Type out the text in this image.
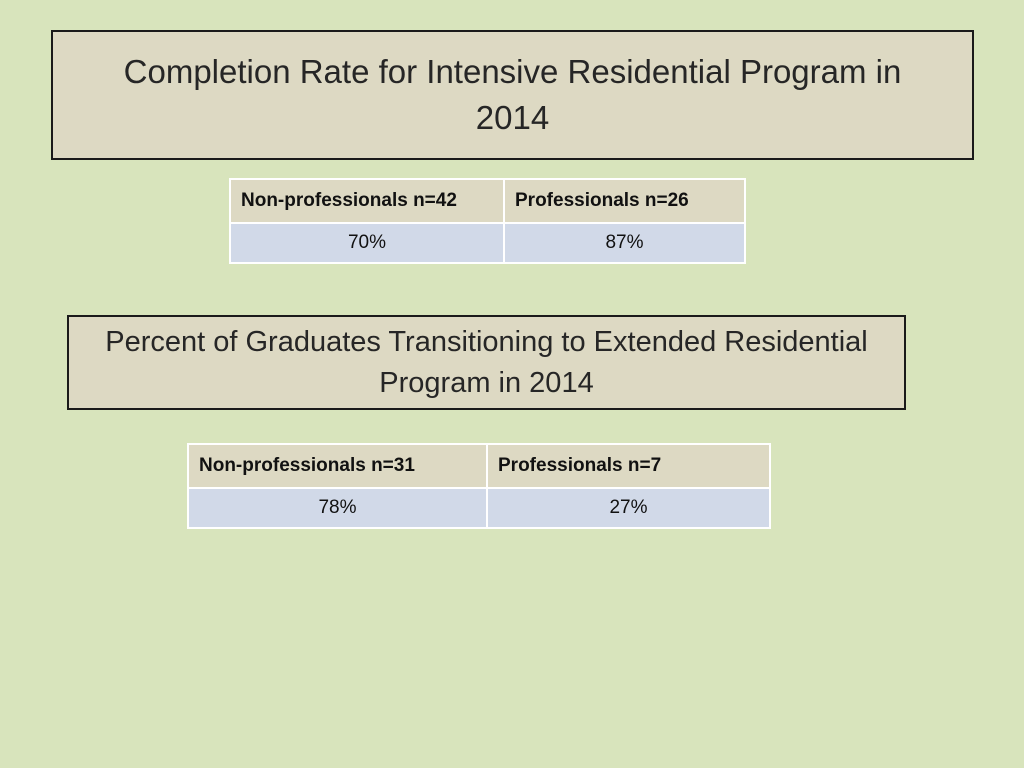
Completion Rate for Intensive Residential Program in 2014
Non-professionals n=42	Professionals n=26
70%	87%
Percent of Graduates Transitioning to Extended Residential Program in 2014
Non-professionals n=31	Professionals n=7
78%	27%
